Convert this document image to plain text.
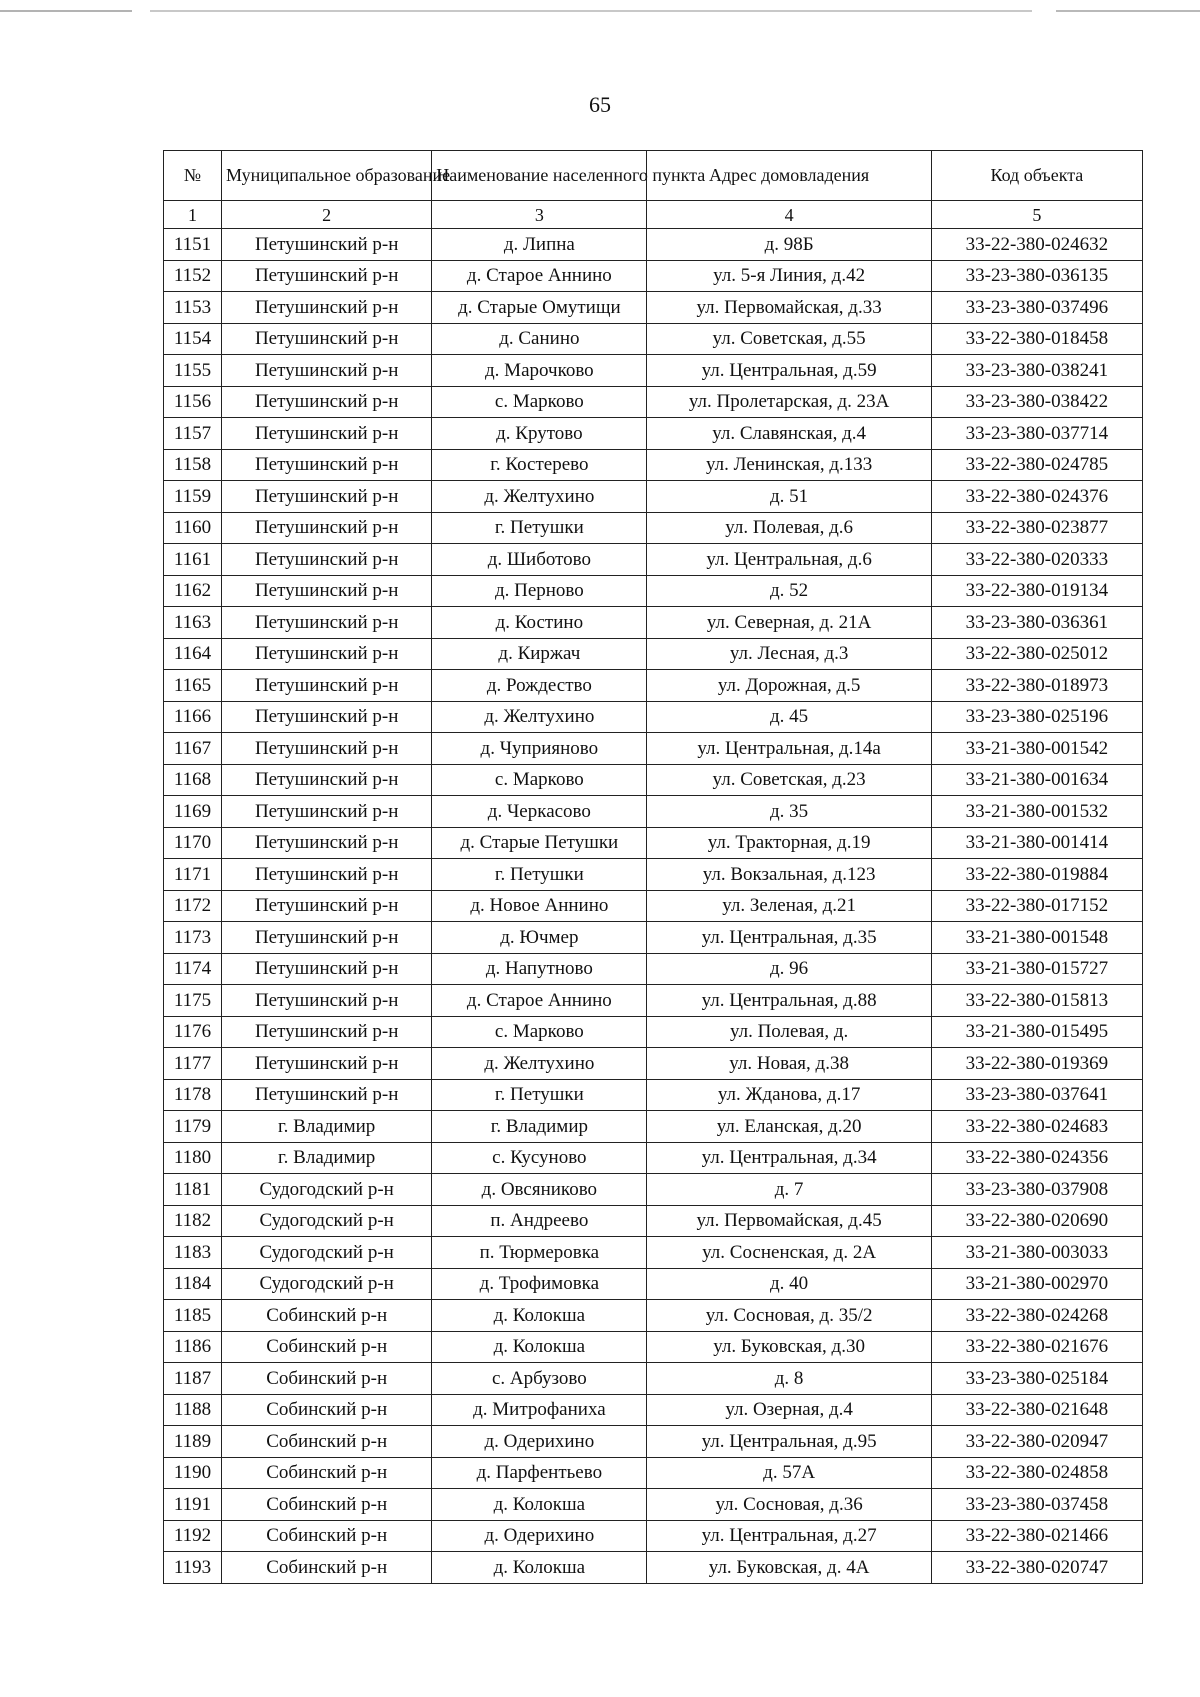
65
№	Муниципальное образование	Наименование населенного пункта	Адрес домовладения	Код объекта
1	2	3	4	5
1151	Петушинский р-н	д. Липна	д. 98Б	33-22-380-024632
1152	Петушинский р-н	д. Старое Аннино	ул. 5-я Линия, д.42	33-23-380-036135
1153	Петушинский р-н	д. Старые Омутищи	ул. Первомайская, д.33	33-23-380-037496
1154	Петушинский р-н	д. Санино	ул. Советская, д.55	33-22-380-018458
1155	Петушинский р-н	д. Марочково	ул. Центральная, д.59	33-23-380-038241
1156	Петушинский р-н	с. Марково	ул. Пролетарская, д. 23А	33-23-380-038422
1157	Петушинский р-н	д. Крутово	ул. Славянская, д.4	33-23-380-037714
1158	Петушинский р-н	г. Костерево	ул. Ленинская, д.133	33-22-380-024785
1159	Петушинский р-н	д. Желтухино	д. 51	33-22-380-024376
1160	Петушинский р-н	г. Петушки	ул. Полевая, д.6	33-22-380-023877
1161	Петушинский р-н	д. Шиботово	ул. Центральная, д.6	33-22-380-020333
1162	Петушинский р-н	д. Перново	д. 52	33-22-380-019134
1163	Петушинский р-н	д. Костино	ул. Северная, д. 21А	33-23-380-036361
1164	Петушинский р-н	д. Киржач	ул. Лесная, д.3	33-22-380-025012
1165	Петушинский р-н	д. Рождество	ул. Дорожная, д.5	33-22-380-018973
1166	Петушинский р-н	д. Желтухино	д. 45	33-23-380-025196
1167	Петушинский р-н	д. Чуприяново	ул. Центральная, д.14а	33-21-380-001542
1168	Петушинский р-н	с. Марково	ул. Советская, д.23	33-21-380-001634
1169	Петушинский р-н	д. Черкасово	д. 35	33-21-380-001532
1170	Петушинский р-н	д. Старые Петушки	ул. Тракторная, д.19	33-21-380-001414
1171	Петушинский р-н	г. Петушки	ул. Вокзальная, д.123	33-22-380-019884
1172	Петушинский р-н	д. Новое Аннино	ул. Зеленая, д.21	33-22-380-017152
1173	Петушинский р-н	д. Ючмер	ул. Центральная, д.35	33-21-380-001548
1174	Петушинский р-н	д. Напутново	д. 96	33-21-380-015727
1175	Петушинский р-н	д. Старое Аннино	ул. Центральная, д.88	33-22-380-015813
1176	Петушинский р-н	с. Марково	ул. Полевая, д.	33-21-380-015495
1177	Петушинский р-н	д. Желтухино	ул. Новая, д.38	33-22-380-019369
1178	Петушинский р-н	г. Петушки	ул. Жданова, д.17	33-23-380-037641
1179	г. Владимир	г. Владимир	ул. Еланская, д.20	33-22-380-024683
1180	г. Владимир	с. Кусуново	ул. Центральная, д.34	33-22-380-024356
1181	Судогодский р-н	д. Овсяниково	д. 7	33-23-380-037908
1182	Судогодский р-н	п. Андреево	ул. Первомайская, д.45	33-22-380-020690
1183	Судогодский р-н	п. Тюрмеровка	ул. Сосненская, д. 2А	33-21-380-003033
1184	Судогодский р-н	д. Трофимовка	д. 40	33-21-380-002970
1185	Собинский р-н	д. Колокша	ул. Сосновая, д. 35/2	33-22-380-024268
1186	Собинский р-н	д. Колокша	ул. Буковская, д.30	33-22-380-021676
1187	Собинский р-н	с. Арбузово	д. 8	33-23-380-025184
1188	Собинский р-н	д. Митрофаниха	ул. Озерная, д.4	33-22-380-021648
1189	Собинский р-н	д. Одерихино	ул. Центральная, д.95	33-22-380-020947
1190	Собинский р-н	д. Парфентьево	д. 57А	33-22-380-024858
1191	Собинский р-н	д. Колокша	ул. Сосновая, д.36	33-23-380-037458
1192	Собинский р-н	д. Одерихино	ул. Центральная, д.27	33-22-380-021466
1193	Собинский р-н	д. Колокша	ул. Буковская, д. 4А	33-22-380-020747
